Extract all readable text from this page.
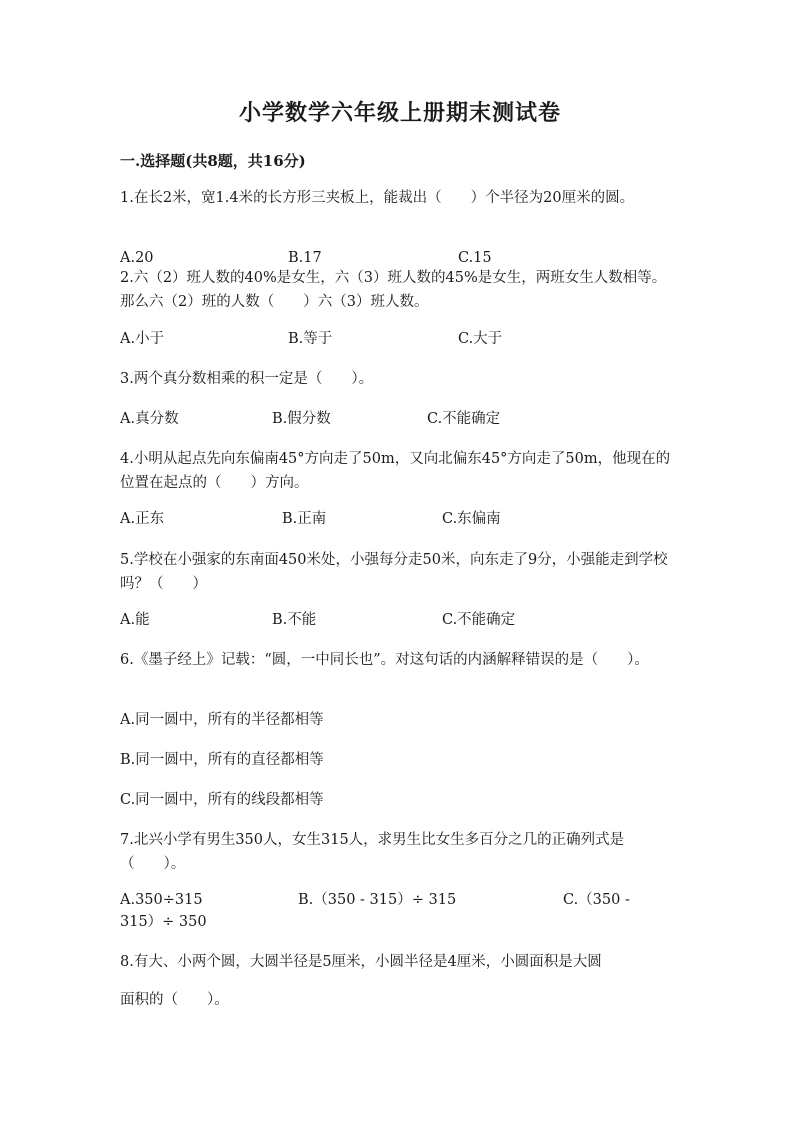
小学数学六年级上册期末测试卷
一.选择题(共8题，共16分)
1.在长2米，宽1.4米的长方形三夹板上，能裁出（　　）个半径为20厘米的圆。
A.20	B.17	C.15
2.六（2）班人数的40%是女生，六（3）班人数的45%是女生，两班女生人数相等。那么六（2）班的人数（　　）六（3）班人数。
A.小于	B.等于	C.大于
3.两个真分数相乘的积一定是（　　）。
A.真分数	B.假分数	C.不能确定
4.小明从起点先向东偏南45°方向走了50m，又向北偏东45°方向走了50m，他现在的位置在起点的（　　）方向。
A.正东	B.正南	C.东偏南
5.学校在小强家的东南面450米处，小强每分走50米，向东走了9分，小强能走到学校吗？（　　）
A.能	B.不能	C.不能确定
6.《墨子经上》记载：“圆，一中同长也”。对这句话的内涵解释错误的是（　　）。
A.同一圆中，所有的半径都相等
B.同一圆中，所有的直径都相等
C.同一圆中，所有的线段都相等
7.北兴小学有男生350人，女生315人，求男生比女生多百分之几的正确列式是（　　）。
A.350÷315	B.（350 - 315）÷ 315	C.（350 -
315）÷ 350
8.有大、小两个圆，大圆半径是5厘米，小圆半径是4厘米，小圆面积是大圆
面积的（　　）。
